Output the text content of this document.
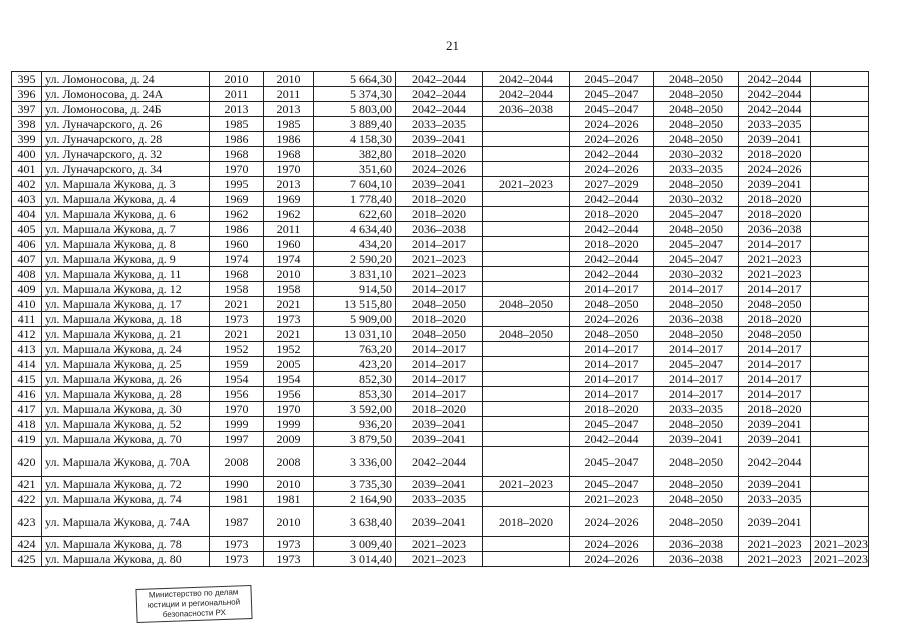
21
395	ул. Ломоносова, д. 24	2010	2010	5 664,30	2042–2044	2042–2044	2045–2047	2048–2050	2042–2044	
396	ул. Ломоносова, д. 24А	2011	2011	5 374,30	2042–2044	2042–2044	2045–2047	2048–2050	2042–2044	
397	ул. Ломоносова, д. 24Б	2013	2013	5 803,00	2042–2044	2036–2038	2045–2047	2048–2050	2042–2044	
398	ул. Луначарского, д. 26	1985	1985	3 889,40	2033–2035		2024–2026	2048–2050	2033–2035	
399	ул. Луначарского, д. 28	1986	1986	4 158,30	2039–2041		2024–2026	2048–2050	2039–2041	
400	ул. Луначарского, д. 32	1968	1968	382,80	2018–2020		2042–2044	2030–2032	2018–2020	
401	ул. Луначарского, д. 34	1970	1970	351,60	2024–2026		2024–2026	2033–2035	2024–2026	
402	ул. Маршала Жукова, д. 3	1995	2013	7 604,10	2039–2041	2021–2023	2027–2029	2048–2050	2039–2041	
403	ул. Маршала Жукова, д. 4	1969	1969	1 778,40	2018–2020		2042–2044	2030–2032	2018–2020	
404	ул. Маршала Жукова, д. 6	1962	1962	622,60	2018–2020		2018–2020	2045–2047	2018–2020	
405	ул. Маршала Жукова, д. 7	1986	2011	4 634,40	2036–2038		2042–2044	2048–2050	2036–2038	
406	ул. Маршала Жукова, д. 8	1960	1960	434,20	2014–2017		2018–2020	2045–2047	2014–2017	
407	ул. Маршала Жукова, д. 9	1974	1974	2 590,20	2021–2023		2042–2044	2045–2047	2021–2023	
408	ул. Маршала Жукова, д. 11	1968	2010	3 831,10	2021–2023		2042–2044	2030–2032	2021–2023	
409	ул. Маршала Жукова, д. 12	1958	1958	914,50	2014–2017		2014–2017	2014–2017	2014–2017	
410	ул. Маршала Жукова, д. 17	2021	2021	13 515,80	2048–2050	2048–2050	2048–2050	2048–2050	2048–2050	
411	ул. Маршала Жукова, д. 18	1973	1973	5 909,00	2018–2020		2024–2026	2036–2038	2018–2020	
412	ул. Маршала Жукова, д. 21	2021	2021	13 031,10	2048–2050	2048–2050	2048–2050	2048–2050	2048–2050	
413	ул. Маршала Жукова, д. 24	1952	1952	763,20	2014–2017		2014–2017	2014–2017	2014–2017	
414	ул. Маршала Жукова, д. 25	1959	2005	423,20	2014–2017		2014–2017	2045–2047	2014–2017	
415	ул. Маршала Жукова, д. 26	1954	1954	852,30	2014–2017		2014–2017	2014–2017	2014–2017	
416	ул. Маршала Жукова, д. 28	1956	1956	853,30	2014–2017		2014–2017	2014–2017	2014–2017	
417	ул. Маршала Жукова, д. 30	1970	1970	3 592,00	2018–2020		2018–2020	2033–2035	2018–2020	
418	ул. Маршала Жукова, д. 52	1999	1999	936,20	2039–2041		2045–2047	2048–2050	2039–2041	
419	ул. Маршала Жукова, д. 70	1997	2009	3 879,50	2039–2041		2042–2044	2039–2041	2039–2041	
420	ул. Маршала Жукова, д. 70А	2008	2008	3 336,00	2042–2044		2045–2047	2048–2050	2042–2044	
421	ул. Маршала Жукова, д. 72	1990	2010	3 735,30	2039–2041	2021–2023	2045–2047	2048–2050	2039–2041	
422	ул. Маршала Жукова, д. 74	1981	1981	2 164,90	2033–2035		2021–2023	2048–2050	2033–2035	
423	ул. Маршала Жукова, д. 74А	1987	2010	3 638,40	2039–2041	2018–2020	2024–2026	2048–2050	2039–2041	
424	ул. Маршала Жукова, д. 78	1973	1973	3 009,40	2021–2023		2024–2026	2036–2038	2021–2023	2021–2023
425	ул. Маршала Жукова, д. 80	1973	1973	3 014,40	2021–2023		2024–2026	2036–2038	2021–2023	2021–2023
Министерство по делам
юстиции и региональной
безопасности РХ
